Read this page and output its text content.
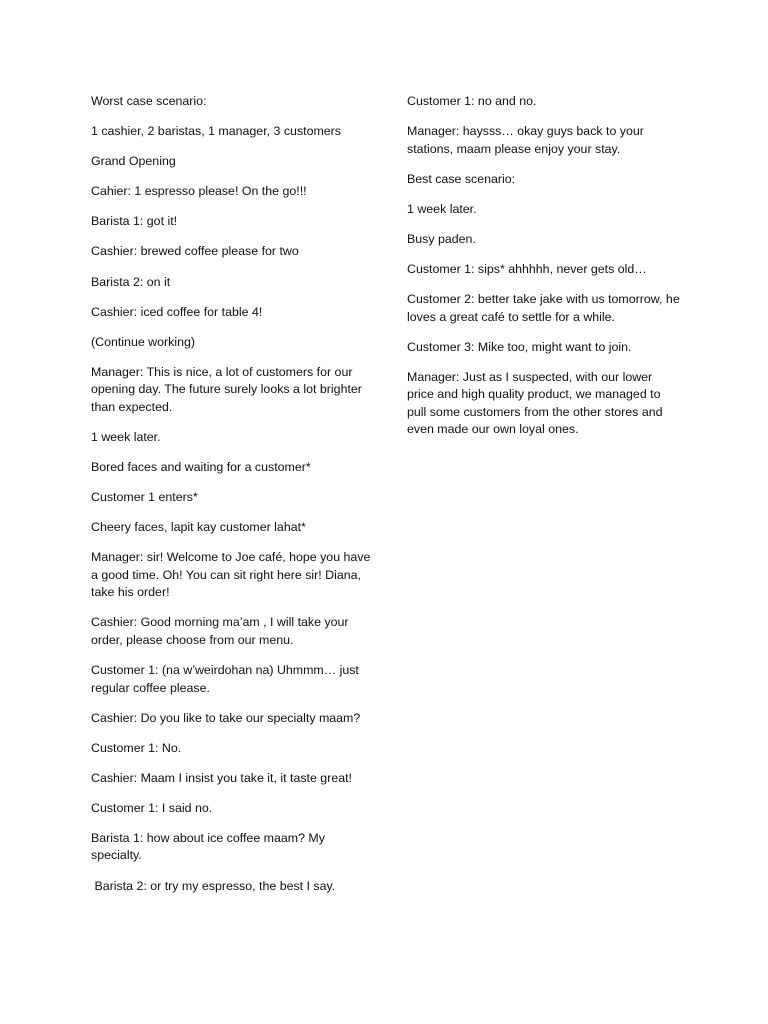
Worst case scenario:

1 cashier, 2 baristas, 1 manager, 3 customers

Grand Opening

Cahier: 1 espresso please! On the go!!!

Barista 1: got it!

Cashier: brewed coffee please for two

Barista 2: on it

Cashier: iced coffee for table 4!

(Continue working)

Manager: This is nice, a lot of customers for our opening day. The future surely looks a lot brighter than expected.

1 week later.

Bored faces and waiting for a customer*

Customer 1 enters*

Cheery faces, lapit kay customer lahat*

Manager: sir! Welcome to Joe café, hope you have a good time. Oh! You can sit right here sir! Diana, take his order!

Cashier: Good morning ma’am , I will take your order, please choose from our menu.

Customer 1: (na w’weirdohan na) Uhmmm… just regular coffee please.

Cashier: Do you like to take our specialty maam?

Customer 1: No.

Cashier: Maam I insist you take it, it taste great!

Customer 1: I said no.

Barista 1: how about ice coffee maam? My specialty.

Barista 2: or try my espresso, the best I say.

Customer 1: no and no.

Manager: haysss… okay guys back to your stations, maam please enjoy your stay.

Best case scenario:

1 week later.

Busy paden.

Customer 1: sips* ahhhhh, never gets old…

Customer 2: better take jake with us tomorrow, he loves a great café to settle for a while.

Customer 3: Mike too, might want to join.

Manager: Just as I suspected, with our lower price and high quality product, we managed to pull some customers from the other stores and even made our own loyal ones.
